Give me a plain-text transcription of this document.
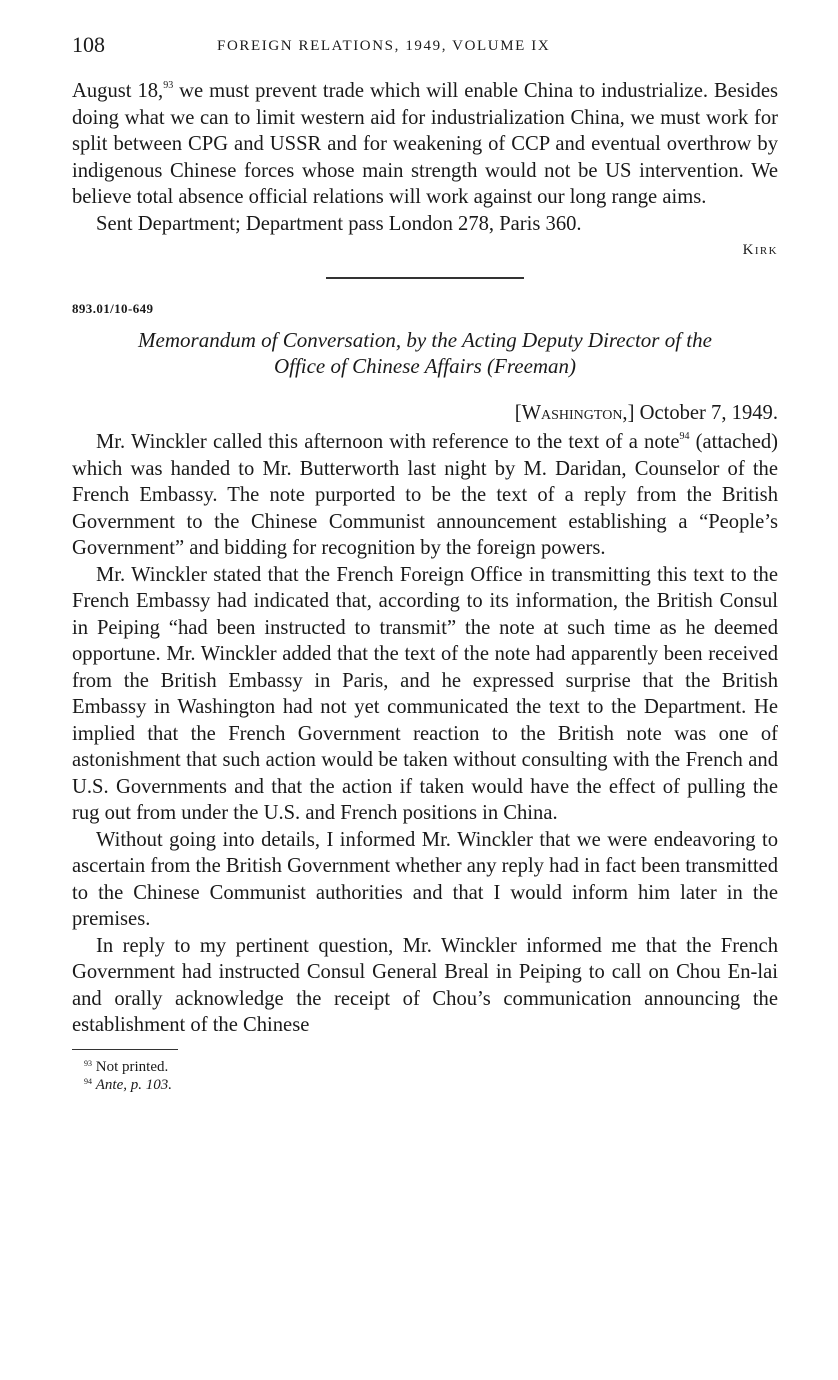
108	FOREIGN RELATIONS, 1949, VOLUME IX

August 18,93 we must prevent trade which will enable China to industrialize. Besides doing what we can to limit western aid for industrialization China, we must work for split between CPG and USSR and for weakening of CCP and eventual overthrow by indigenous Chinese forces whose main strength would not be US intervention. We believe total absence official relations will work against our long range aims.

Sent Department; Department pass London 278, Paris 360.

Kirk
893.01/10-649
Memorandum of Conversation, by the Acting Deputy Director of the
Office of Chinese Affairs (Freeman)
[Washington,] October 7, 1949.

Mr. Winckler called this afternoon with reference to the text of a note$^{94}$ (attached) which was handed to Mr. Butterworth last night by M. Daridan, Counselor of the French Embassy. The note purported to be the text of a reply from the British Government to the Chinese Communist announcement establishing a “People’s Government” and bidding for recognition by the foreign powers.

Mr. Winckler stated that the French Foreign Office in transmitting this text to the French Embassy had indicated that, according to its information, the British Consul in Peiping “had been instructed to transmit” the note at such time as he deemed opportune. Mr. Winckler added that the text of the note had apparently been received from the British Embassy in Paris, and he expressed surprise that the British Embassy in Washington had not yet communicated the text to the Department. He implied that the French Government reaction to the British note was one of astonishment that such action would be taken without consulting with the French and U.S. Governments and that the action if taken would have the effect of pulling the rug out from under the U.S. and French positions in China.

Without going into details, I informed Mr. Winckler that we were endeavoring to ascertain from the British Government whether any reply had in fact been transmitted to the Chinese Communist authorities and that I would inform him later in the premises.

In reply to my pertinent question, Mr. Winckler informed me that the French Government had instructed Consul General Breal in Peiping to call on Chou En-lai and orally acknowledge the receipt of Chou’s communication announcing the establishment of the Chinese

$^{93}$ Not printed.
$^{94}$ Ante, p. 103.
